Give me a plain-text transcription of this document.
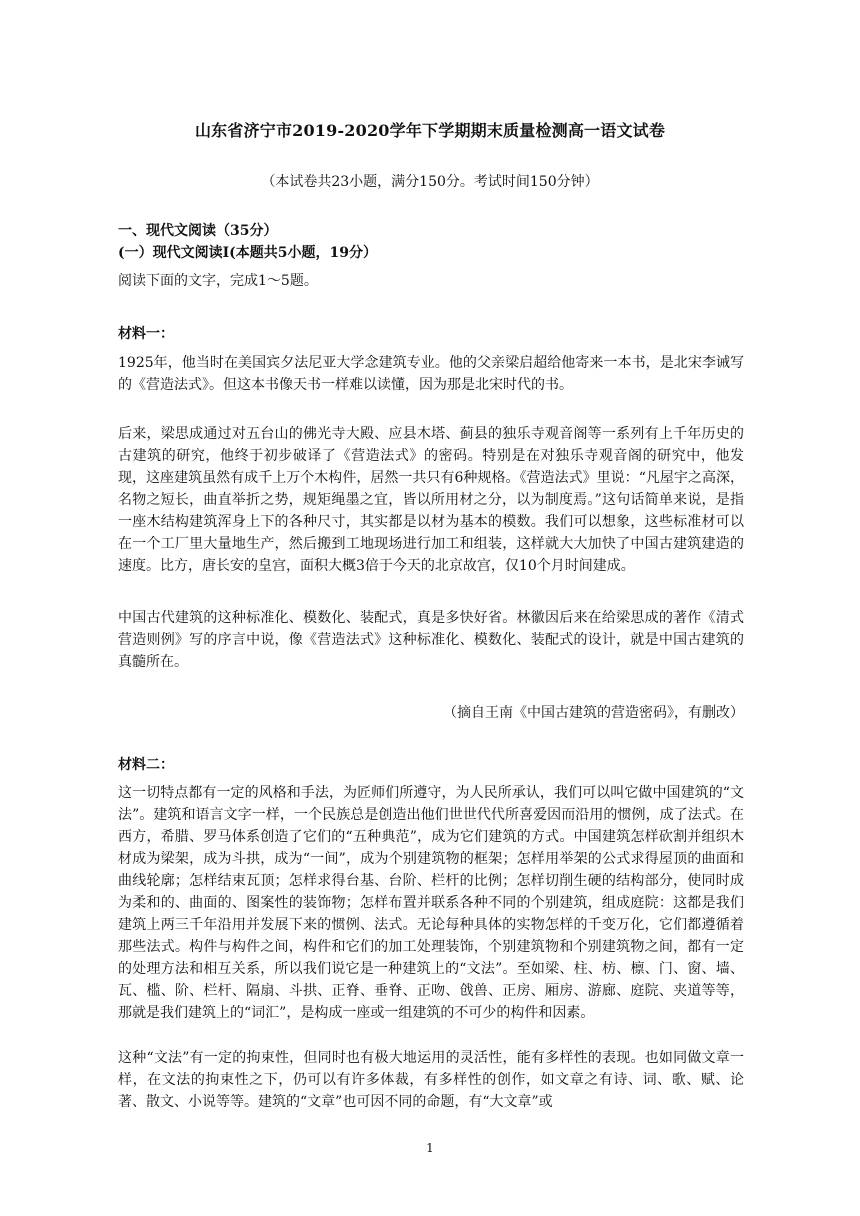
山东省济宁市2019-2020学年下学期期末质量检测高一语文试卷
（本试卷共23小题，满分150分。考试时间150分钟）
一、现代文阅读（35分）
(一）现代文阅读Ⅰ(本题共5小题，19分）
阅读下面的文字，完成1～5题。
材料一：

1925年，他当时在美国宾夕法尼亚大学念建筑专业。他的父亲梁启超给他寄来一本书，是北宋李诫写的《营造法式》。但这本书像天书一样难以读懂，因为那是北宋时代的书。

后来，梁思成通过对五台山的佛光寺大殿、应县木塔、蓟县的独乐寺观音阁等一系列有上千年历史的古建筑的研究，他终于初步破译了《营造法式》的密码。特别是在对独乐寺观音阁的研究中，他发现，这座建筑虽然有成千上万个木构件，居然一共只有6种规格。《营造法式》里说：“凡屋宇之高深，名物之短长，曲直举折之势，规矩绳墨之宜，皆以所用材之分，以为制度焉。”这句话简单来说，是指一座木结构建筑浑身上下的各种尺寸，其实都是以材为基本的模数。我们可以想象，这些标准材可以在一个工厂里大量地生产，然后搬到工地现场进行加工和组装，这样就大大加快了中国古建筑建造的速度。比方，唐长安的皇宫，面积大概3倍于今天的北京故宫，仅10个月时间建成。

中国古代建筑的这种标准化、模数化、装配式，真是多快好省。林徽因后来在给梁思成的著作《清式营造则例》写的序言中说，像《营造法式》这种标准化、模数化、装配式的设计，就是中国古建筑的真髓所在。

（摘自王南《中国古建筑的营造密码》，有删改）
材料二：

这一切特点都有一定的风格和手法，为匠师们所遵守，为人民所承认，我们可以叫它做中国建筑的“文法”。建筑和语言文字一样，一个民族总是创造出他们世世代代所喜爱因而沿用的惯例，成了法式。在西方，希腊、罗马体系创造了它们的“五种典范”，成为它们建筑的方式。中国建筑怎样砍割并组织木材成为梁架，成为斗拱，成为“一间”，成为个别建筑物的框架；怎样用举架的公式求得屋顶的曲面和曲线轮廓；怎样结束瓦顶；怎样求得台基、台阶、栏杆的比例；怎样切削生硬的结构部分，使同时成为柔和的、曲面的、图案性的装饰物；怎样布置并联系各种不同的个别建筑，组成庭院：这都是我们建筑上两三千年沿用并发展下来的惯例、法式。无论每种具体的实物怎样的千变万化，它们都遵循着那些法式。构件与构件之间，构件和它们的加工处理装饰，个别建筑物和个别建筑物之间，都有一定的处理方法和相互关系，所以我们说它是一种建筑上的“文法”。至如梁、柱、枋、檩、门、窗、墙、瓦、槛、阶、栏杆、隔扇、斗拱、正脊、垂脊、正吻、戗兽、正房、厢房、游廊、庭院、夹道等等，那就是我们建筑上的“词汇”，是构成一座或一组建筑的不可少的构件和因素。

这种“文法”有一定的拘束性，但同时也有极大地运用的灵活性，能有多样性的表现。也如同做文章一样，在文法的拘束性之下，仍可以有许多体裁，有多样性的创作，如文章之有诗、词、歌、赋、论著、散文、小说等等。建筑的“文章”也可因不同的命题，有“大文章”或

1
